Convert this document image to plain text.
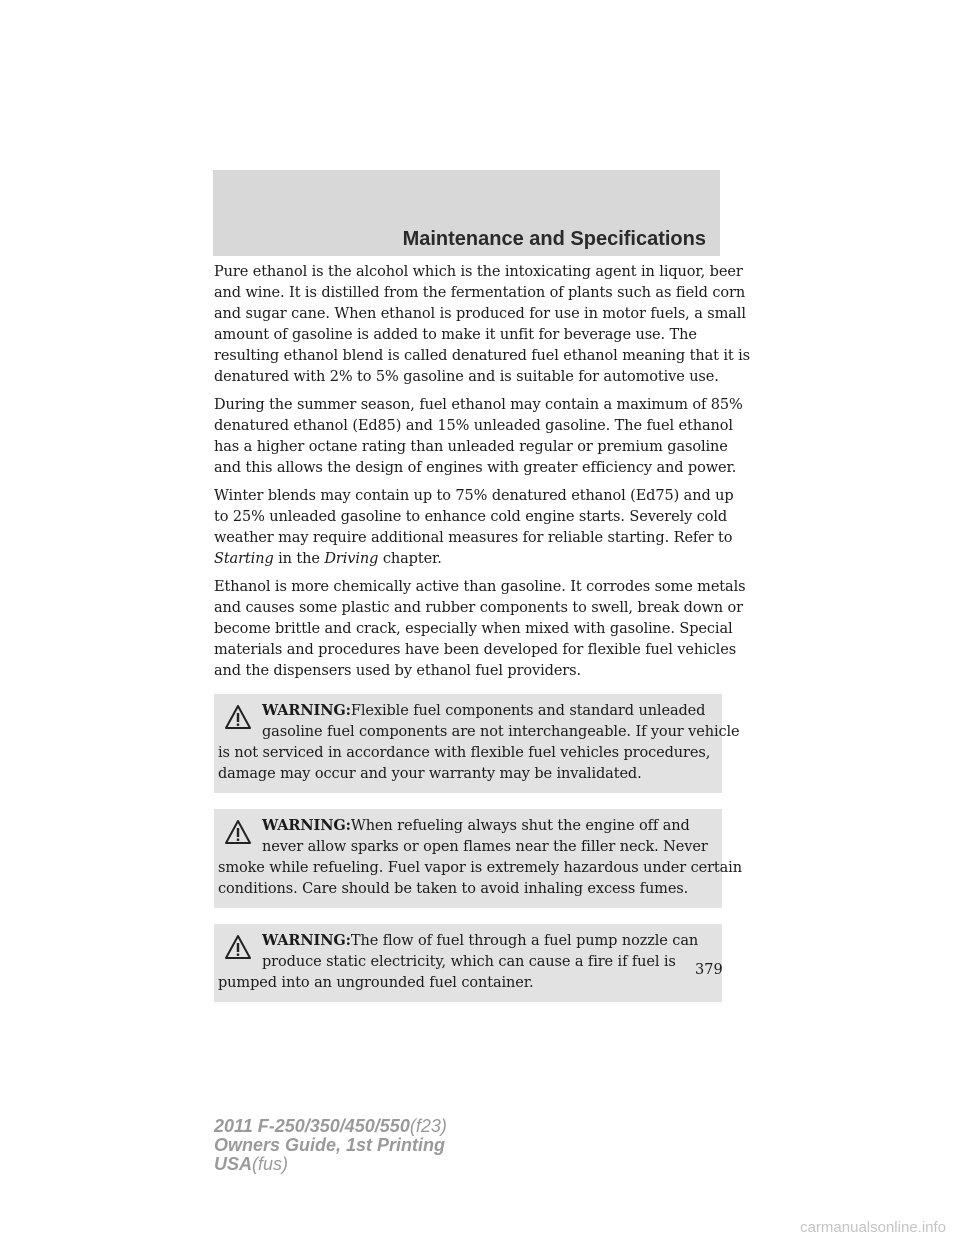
Maintenance and Specifications

Pure ethanol is the alcohol which is the intoxicating agent in liquor, beer
and wine. It is distilled from the fermentation of plants such as field corn
and sugar cane. When ethanol is produced for use in motor fuels, a small
amount of gasoline is added to make it unfit for beverage use. The
resulting ethanol blend is called denatured fuel ethanol meaning that it is
denatured with 2% to 5% gasoline and is suitable for automotive use.

During the summer season, fuel ethanol may contain a maximum of 85%
denatured ethanol (Ed85) and 15% unleaded gasoline. The fuel ethanol
has a higher octane rating than unleaded regular or premium gasoline
and this allows the design of engines with greater efficiency and power.

Winter blends may contain up to 75% denatured ethanol (Ed75) and up
to 25% unleaded gasoline to enhance cold engine starts. Severely cold
weather may require additional measures for reliable starting. Refer to
Starting in the Driving chapter.

Ethanol is more chemically active than gasoline. It corrodes some metals
and causes some plastic and rubber components to swell, break down or
become brittle and crack, especially when mixed with gasoline. Special
materials and procedures have been developed for flexible fuel vehicles
and the dispensers used by ethanol fuel providers.

WARNING:Flexible fuel components and standard unleaded
gasoline fuel components are not interchangeable. If your vehicle
is not serviced in accordance with flexible fuel vehicles procedures,
damage may occur and your warranty may be invalidated.
WARNING:When refueling always shut the engine off and
never allow sparks or open flames near the filler neck. Never
smoke while refueling. Fuel vapor is extremely hazardous under certain
conditions. Care should be taken to avoid inhaling excess fumes.
WARNING:The flow of fuel through a fuel pump nozzle can
produce static electricity, which can cause a fire if fuel is
pumped into an ungrounded fuel container.
379
2011 F-250/350/450/550(f23)
Owners Guide, 1st Printing
USA(fus)
carmanualsonline.info
